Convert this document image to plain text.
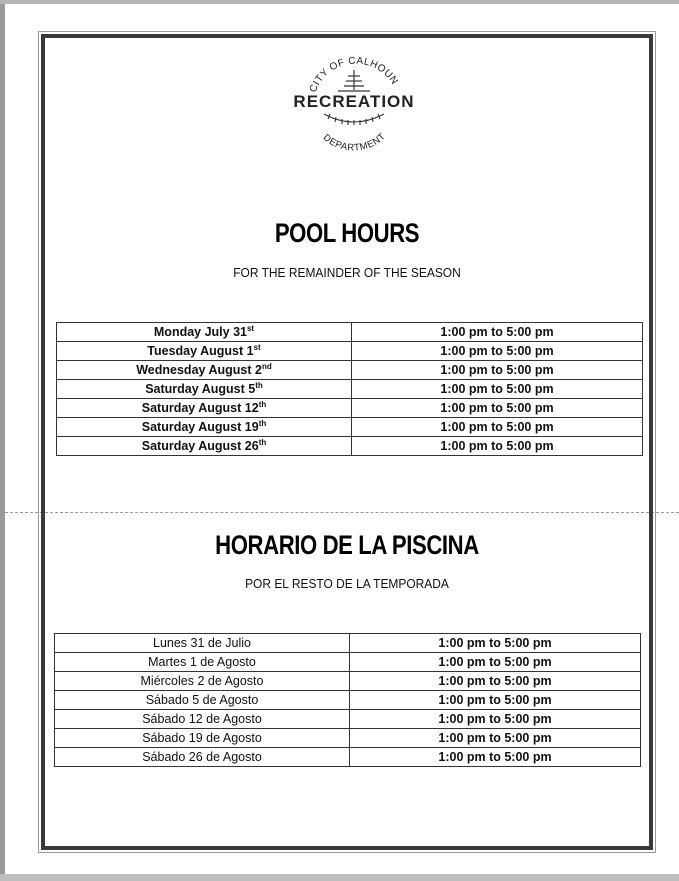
CITY OF CALHOUN
DEPARTMENT
RECREATION
POOL HOURS
FOR THE REMAINDER OF THE SEASON
Monday July 31st	1:00 pm to 5:00 pm
Tuesday August 1st	1:00 pm to 5:00 pm
Wednesday August 2nd	1:00 pm to 5:00 pm
Saturday August 5th	1:00 pm to 5:00 pm
Saturday August 12th	1:00 pm to 5:00 pm
Saturday August 19th	1:00 pm to 5:00 pm
Saturday August 26th	1:00 pm to 5:00 pm
HORARIO DE LA PISCINA
POR EL RESTO DE LA TEMPORADA
Lunes 31 de Julio	1:00 pm to 5:00 pm
Martes 1 de Agosto	1:00 pm to 5:00 pm
Miércoles 2 de Agosto	1:00 pm to 5:00 pm
Sábado 5 de Agosto	1:00 pm to 5:00 pm
Sábado 12 de Agosto	1:00 pm to 5:00 pm
Sábado 19 de Agosto	1:00 pm to 5:00 pm
Sábado 26 de Agosto	1:00 pm to 5:00 pm
